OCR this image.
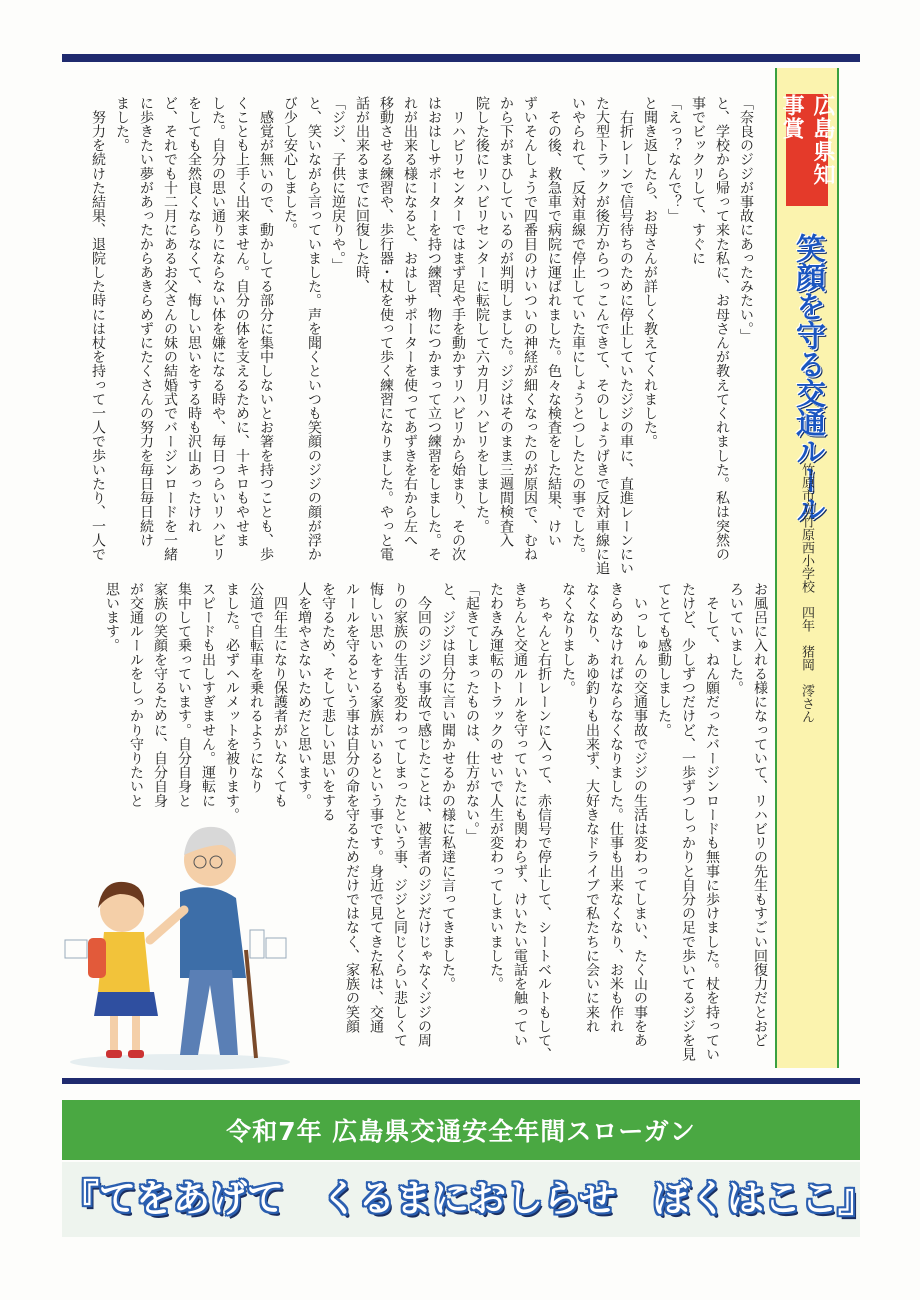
「奈良のジジが事故にあったみたい。」
と、学校から帰って来た私に、お母さんが教えてくれました。私は突然の
事でビックリして、すぐに
「えっ？なんで？」
と聞き返したら、お母さんが詳しく教えてくれました。
　右折レーンで信号待ちのために停止していたジジの車に、直進レーンにい
た大型トラックが後方からつっこんできて、そのしょうげきで反対車線に追
いやられて、反対車線で停止していた車にしょうとつしたとの事でした。
　その後、救急車で病院に運ばれました。色々な検査をした結果、けい
ずいそんしょうで四番目のけいついの神経が細くなったのが原因で、むね
から下がまひしているのが判明しました。ジジはそのまま三週間検査入
院した後にリハビリセンターに転院して六カ月リハビリをしました。
　リハビリセンターではまず足や手を動かすリハビリから始まり、その次
はおはしサポーターを持つ練習、物につかまって立つ練習をしました。そ
れが出来る様になると、おはしサポーターを使ってあずきを右から左へ
移動させる練習や、歩行器・杖を使って歩く練習になりました。やっと電
話が出来るまでに回復した時、
「ジジ、子供に逆戻りや。」
と、笑いながら言っていました。声を聞くといつも笑顔のジジの顔が浮か
び少し安心しました。
　感覚が無いので、動かしてる部分に集中しないとお箸を持つことも、歩
くことも上手く出来ません。自分の体を支えるために、十キロもやせま
した。自分の思い通りにならない体を嫌になる時や、毎日つらいリハビリ
をしても全然良くならなくて、悔しい思いをする時も沢山あったけれ
ど、それでも十二月にあるお父さんの妹の結婚式でバージンロードを一緒
に歩きたい夢があったからあきらめずにたくさんの努力を毎日毎日続け
ました。
　努力を続けた結果、退院した時には杖を持って一人で歩いたり、一人で
お風呂に入れる様になっていて、リハビリの先生もすごい回復力だとおど
ろいていました。
　そして、ねん願だったバージンロードも無事に歩けました。杖を持ってい
たけど、少しずつだけど、一歩ずつしっかりと自分の足で歩いてるジジを見
てとても感動しました。
　いっしゅんの交通事故でジジの生活は変わってしまい、たく山の事をあ
きらめなければならなくなりました。仕事も出来なくなり、お米も作れ
なくなり、あゆ釣りも出来ず、大好きなドライブで私たちに会いに来れ
なくなりました。
　ちゃんと右折レーンに入って、赤信号で停止して、シートベルトもして、
きちんと交通ルールを守っていたにも関わらず、けいたい電話を触ってい
たわきみ運転のトラックのせいで人生が変わってしまいました。
「起きてしまったものは、仕方がない。」
と、ジジは自分に言い聞かせるかの様に私達に言ってきました。
　今回のジジの事故で感じたことは、被害者のジジだけじゃなくジジの周
りの家族の生活も変わってしまったという事、ジジと同じくらい悲しくて
悔しい思いをする家族がいるという事です。身近で見てきた私は、交通
ルールを守るという事は自分の命を守るためだけではなく、家族の笑顔
を守るため、そして悲しい思いをする
人を増やさないためだと思います。
　四年生になり保護者がいなくても
公道で自転車を乗れるようになり
ました。必ずヘルメットを被ります。
スピードも出しすぎません。運転に
集中して乗っています。自分自身と
家族の笑顔を守るために、自分自身
が交通ルールをしっかり守りたいと
思います。
広島県知事賞
笑顔を守る交通ルール
竹原市立竹原西小学校　四年　猪岡　澪さん
令和7年 広島県交通安全年間スローガン
『てをあげて　くるまにおしらせ　ぼくはここ』
